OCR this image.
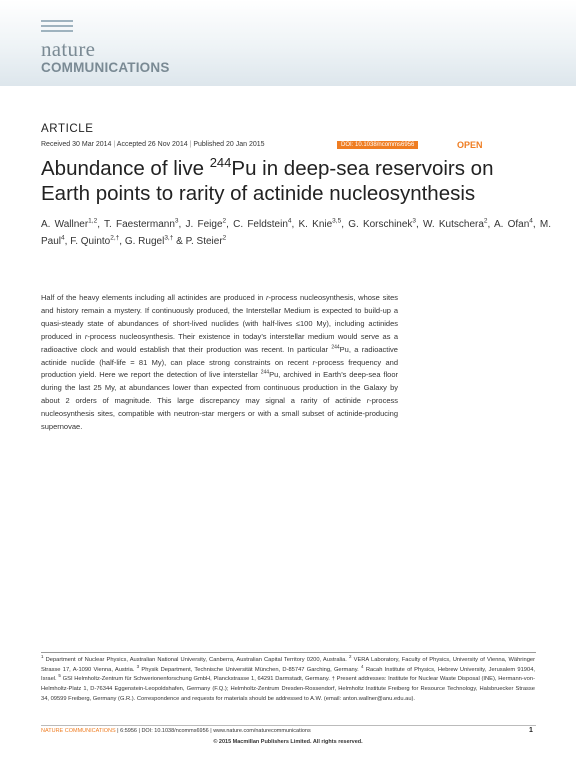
nature
COMMUNICATIONS
ARTICLE
Received 30 Mar 2014 | Accepted 26 Nov 2014 | Published 20 Jan 2015	DOI: 10.1038/ncomms6956	OPEN
Abundance of live $^{244}$Pu in deep-sea reservoirs on
Earth points to rarity of actinide nucleosynthesis
A. Wallner$^{1,2}$, T. Faestermann$^3$, J. Feige$^2$, C. Feldstein$^4$, K. Knie$^{3,5}$, G. Korschinek$^3$, W. Kutschera$^2$, A. Ofan$^4$, M. Paul$^4$, F. Quinto$^{2,\dagger}$, G. Rugel$^{3,\dagger}$ & P. Steier$^2$
Half of the heavy elements including all actinides are produced in r-process nucleosynthesis, whose sites and history remain a mystery. If continuously produced, the Interstellar Medium is expected to build-up a quasi-steady state of abundances of short-lived nuclides (with half-lives ≤100 My), including actinides produced in r-process nucleosynthesis. Their existence in today’s interstellar medium would serve as a radioactive clock and would establish that their production was recent. In particular $^{244}$Pu, a radioactive actinide nuclide (half-life = 81 My), can place strong constraints on recent r-process frequency and production yield. Here we report the detection of live interstellar $^{244}$Pu, archived in Earth’s deep-sea floor during the last 25 My, at abundances lower than expected from continuous production in the Galaxy by about 2 orders of magnitude. This large discrepancy may signal a rarity of actinide r-process nucleosynthesis sites, compatible with neutron-star mergers or with a small subset of actinide-producing supernovae.
$^1$ Department of Nuclear Physics, Australian National University, Canberra, Australian Capital Territory 0200, Australia. $^2$ VERA Laboratory, Faculty of Physics, University of Vienna, Währinger Strasse 17, A-1090 Vienna, Austria. $^3$ Physik Department, Technische Universität München, D-85747 Garching, Germany. $^4$ Racah Institute of Physics, Hebrew University, Jerusalem 91904, Israel. $^5$ GSI Helmholtz-Zentrum für Schwerionenforschung GmbH, Planckstrasse 1, 64291 Darmstadt, Germany. † Present addresses: Institute for Nuclear Waste Disposal (INE), Hermann-von-Helmholtz-Platz 1, D-76344 Eggenstein-Leopoldshafen, Germany (F.Q.); Helmholtz-Zentrum Dresden-Rossendorf, Helmholtz Institute Freiberg for Resource Technology, Halsbruecker Strasse 34, 09599 Freiberg, Germany (G.R.). Correspondence and requests for materials should be addressed to A.W. (email: anton.wallner@anu.edu.au).
NATURE COMMUNICATIONS | 6:5956 | DOI: 10.1038/ncomms6956 | www.nature.com/naturecommunications	1
© 2015 Macmillan Publishers Limited. All rights reserved.
